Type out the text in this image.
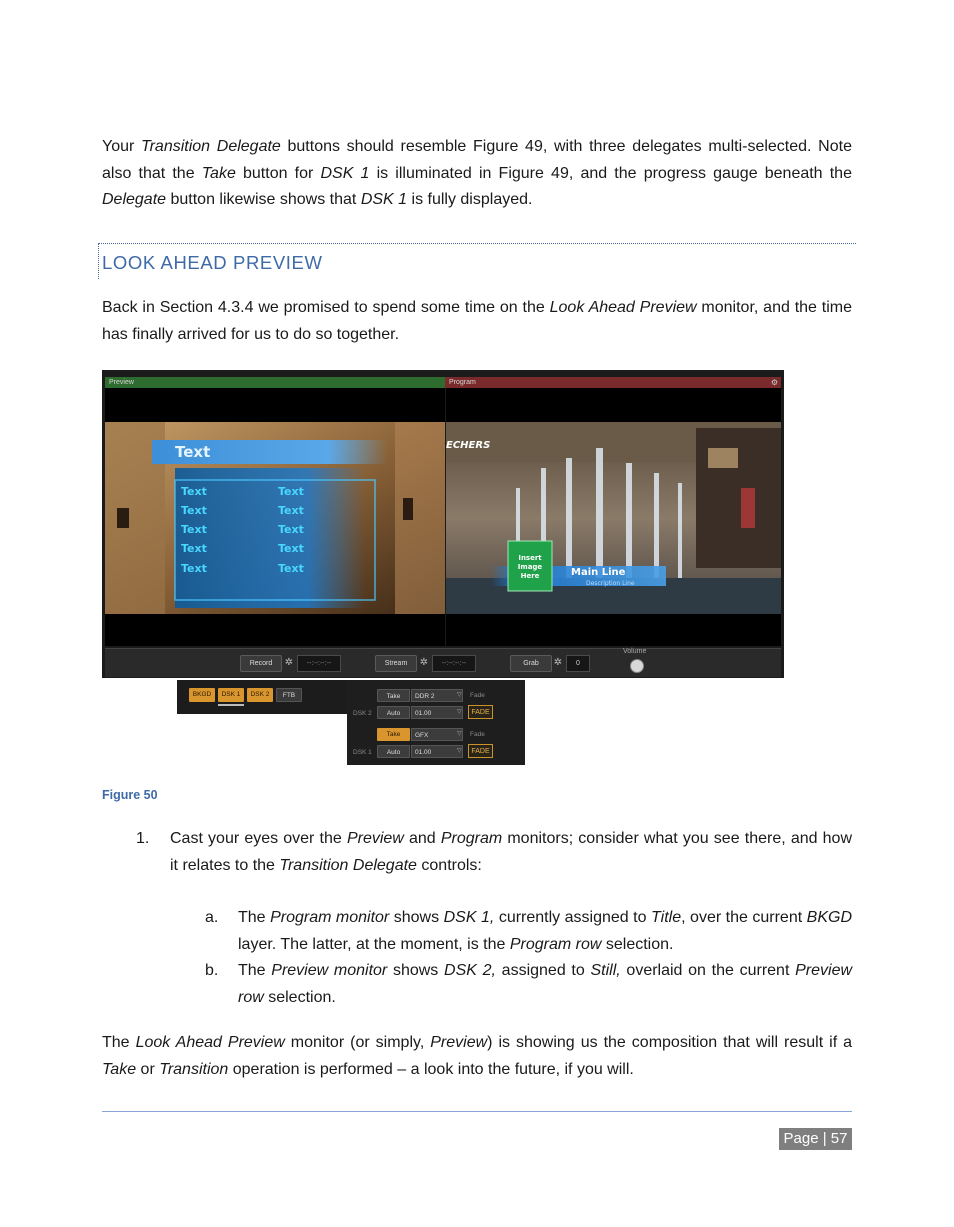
Your Transition Delegate buttons should resemble Figure 49, with three delegates multi-selected. Note also that the Take button for DSK 1 is illuminated in Figure 49, and the progress gauge beneath the Delegate button likewise shows that DSK 1 is fully displayed.

LOOK AHEAD PREVIEW

Back in Section 4.3.4 we promised to spend some time on the Look Ahead Preview monitor, and the time has finally arrived for us to do so together.

Preview	Program	⚙
Text
Text	Text
Text	Text
Text	Text
Text	Text
Text	Text
ECHERS
Insert
Image
Here	Main Line
Description Line
Record	✲	--:--:--:--	Stream	✲	--:--:--:--	Grab	✲	0
Volume
BKGD	DSK 1	DSK 2	FTB	Take	DDR 2	▽ Fade
DSK 2	Auto	01.00	▽	FADE
Take	GFX	▽ Fade
DSK 1	Auto	01.00	▽	FADE
Figure 50
1.	Cast your eyes over the Preview and Program monitors; consider what you see there, and how it relates to the Transition Delegate controls:

a. The Program monitor shows DSK 1, currently assigned to Title, over the current BKGD layer. The latter, at the moment, is the Program row selection.

b. The Preview monitor shows DSK 2, assigned to Still, overlaid on the current Preview row selection.

The Look Ahead Preview monitor (or simply, Preview) is showing us the composition that will result if a Take or Transition operation is performed – a look into the future, if you will.

Page | 57
